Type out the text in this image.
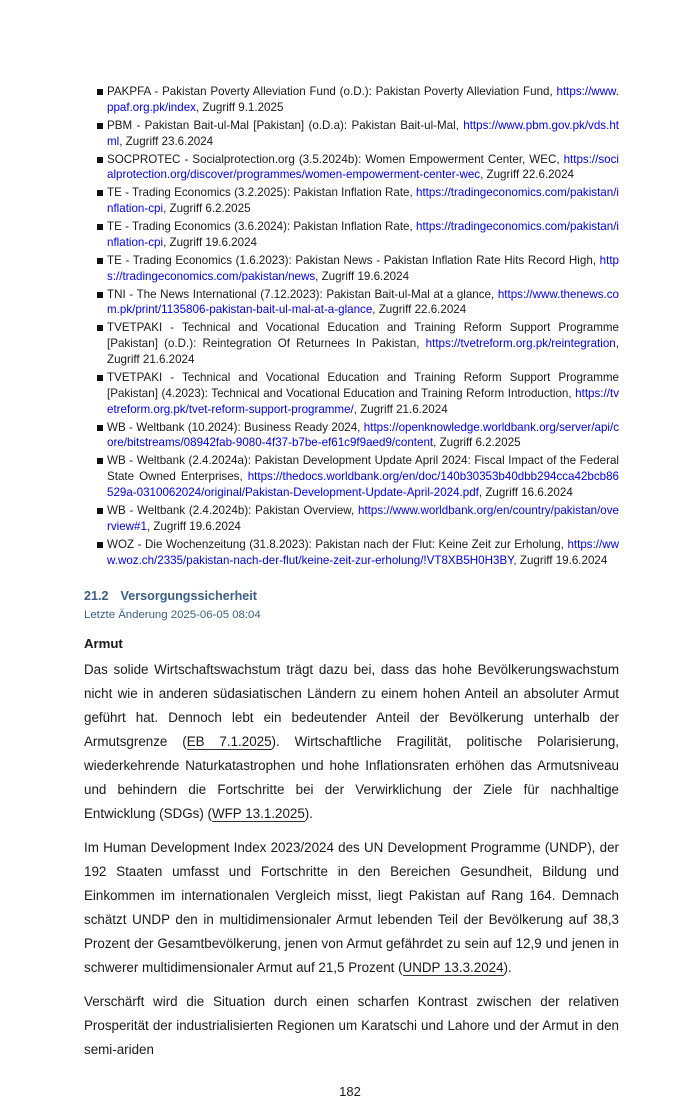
PAKPFA - Pakistan Poverty Alleviation Fund (o.D.): Pakistan Poverty Alleviation Fund, https://www.ppaf.org.pk/index, Zugriff 9.1.2025
PBM - Pakistan Bait-ul-Mal [Pakistan] (o.D.a): Pakistan Bait-ul-Mal, https://www.pbm.gov.pk/vds.html, Zugriff 23.6.2024
SOCPROTEC - Socialprotection.org (3.5.2024b): Women Empowerment Center, WEC, https://socialprotection.org/discover/programmes/women-empowerment-center-wec, Zugriff 22.6.2024
TE - Trading Economics (3.2.2025): Pakistan Inflation Rate, https://tradingeconomics.com/pakistan/inflation-cpi, Zugriff 6.2.2025
TE - Trading Economics (3.6.2024): Pakistan Inflation Rate, https://tradingeconomics.com/pakistan/inflation-cpi, Zugriff 19.6.2024
TE - Trading Economics (1.6.2023): Pakistan News - Pakistan Inflation Rate Hits Record High, https://tradingeconomics.com/pakistan/news, Zugriff 19.6.2024
TNI - The News International (7.12.2023): Pakistan Bait-ul-Mal at a glance, https://www.thenews.com.pk/print/1135806-pakistan-bait-ul-mal-at-a-glance, Zugriff 22.6.2024
TVETPAKI - Technical and Vocational Education and Training Reform Support Programme [Pakistan] (o.D.): Reintegration Of Returnees In Pakistan, https://tvetreform.org.pk/reintegration, Zugriff 21.6.2024
TVETPAKI - Technical and Vocational Education and Training Reform Support Programme [Pakistan] (4.2023): Technical and Vocational Education and Training Reform Introduction, https://tvetreform.org.pk/tvet-reform-support-programme/, Zugriff 21.6.2024
WB - Weltbank (10.2024): Business Ready 2024, https://openknowledge.worldbank.org/server/api/core/bitstreams/08942fab-9080-4f37-b7be-ef61c9f9aed9/content, Zugriff 6.2.2025
WB - Weltbank (2.4.2024a): Pakistan Development Update April 2024: Fiscal Impact of the Federal State Owned Enterprises, https://thedocs.worldbank.org/en/doc/140b30353b40dbb294cca42bcb86529a-0310062024/original/Pakistan-Development-Update-April-2024.pdf, Zugriff 16.6.2024
WB - Weltbank (2.4.2024b): Pakistan Overview, https://www.worldbank.org/en/country/pakistan/overview#1, Zugriff 19.6.2024
WOZ - Die Wochenzeitung (31.8.2023): Pakistan nach der Flut: Keine Zeit zur Erholung, https://www.woz.ch/2335/pakistan-nach-der-flut/keine-zeit-zur-erholung/!VT8XB5H0H3BY, Zugriff 19.6.2024
21.2 Versorgungssicherheit
Letzte Änderung 2025-06-05 08:04
Armut

Das solide Wirtschaftswachstum trägt dazu bei, dass das hohe Bevölkerungswachstum nicht wie in anderen südasiatischen Ländern zu einem hohen Anteil an absoluter Armut geführt hat. Dennoch lebt ein bedeutender Anteil der Bevölkerung unterhalb der Armutsgrenze (EB 7.1.2025). Wirtschaftliche Fragilität, politische Polarisierung, wiederkehrende Naturkatastrophen und hohe Inflationsraten erhöhen das Armutsniveau und behindern die Fortschritte bei der Verwirklichung der Ziele für nachhaltige Entwicklung (SDGs) (WFP 13.1.2025).

Im Human Development Index 2023/2024 des UN Development Programme (UNDP), der 192 Staaten umfasst und Fortschritte in den Bereichen Gesundheit, Bildung und Einkommen im internationalen Vergleich misst, liegt Pakistan auf Rang 164. Demnach schätzt UNDP den in multidimensionaler Armut lebenden Teil der Bevölkerung auf 38,3 Prozent der Gesamtbevölkerung, jenen von Armut gefährdet zu sein auf 12,9 und jenen in schwerer multidimensionaler Armut auf 21,5 Prozent (UNDP 13.3.2024).

Verschärft wird die Situation durch einen scharfen Kontrast zwischen der relativen Prosperität der industrialisierten Regionen um Karatschi und Lahore und der Armut in den semi-ariden

182
